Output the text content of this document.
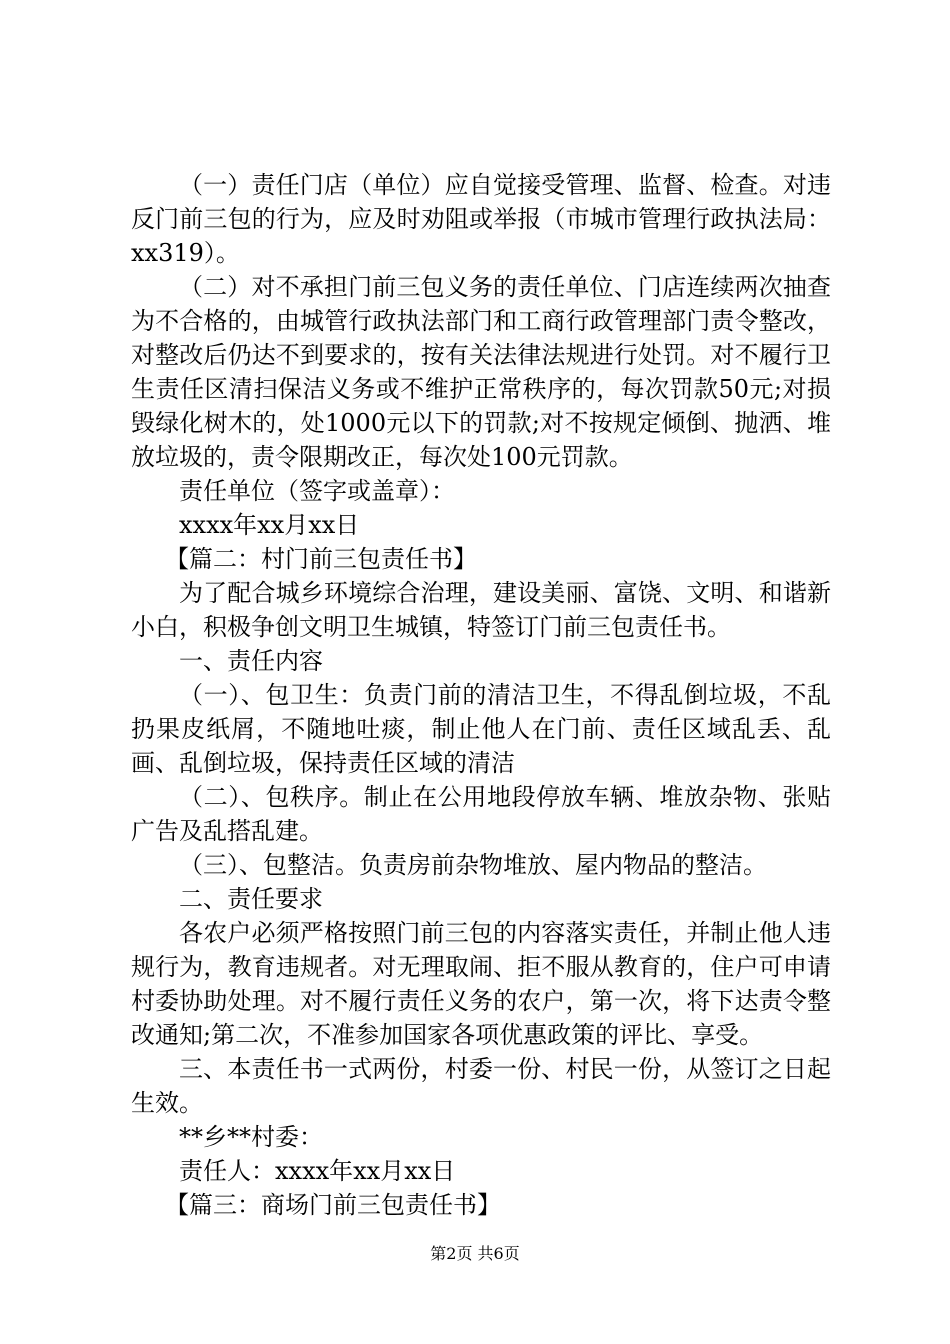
（一）责任门店（单位）应自觉接受管理、监督、检查。对违反门前三包的行为，应及时劝阻或举报（市城市管理行政执法局：xx319）。

（二）对不承担门前三包义务的责任单位、门店连续两次抽查为不合格的，由城管行政执法部门和工商行政管理部门责令整改，对整改后仍达不到要求的，按有关法律法规进行处罚。对不履行卫生责任区清扫保洁义务或不维护正常秩序的，每次罚款50元;对损毁绿化树木的，处1000元以下的罚款;对不按规定倾倒、抛洒、堆放垃圾的，责令限期改正，每次处100元罚款。

责任单位（签字或盖章）：

xxxx年xx月xx日

【篇二：村门前三包责任书】

为了配合城乡环境综合治理，建设美丽、富饶、文明、和谐新小白，积极争创文明卫生城镇，特签订门前三包责任书。

一、责任内容

（一）、包卫生：负责门前的清洁卫生，不得乱倒垃圾，不乱扔果皮纸屑，不随地吐痰，制止他人在门前、责任区域乱丢、乱画、乱倒垃圾，保持责任区域的清洁

（二）、包秩序。制止在公用地段停放车辆、堆放杂物、张贴广告及乱搭乱建。

（三）、包整洁。负责房前杂物堆放、屋内物品的整洁。

二、责任要求

各农户必须严格按照门前三包的内容落实责任，并制止他人违规行为，教育违规者。对无理取闹、拒不服从教育的，住户可申请村委协助处理。对不履行责任义务的农户，第一次，将下达责令整改通知;第二次，不准参加国家各项优惠政策的评比、享受。

三、本责任书一式两份，村委一份、村民一份，从签订之日起生效。

**乡**村委：

责任人：xxxx年xx月xx日

【篇三：商场门前三包责任书】

第2页 共6页
